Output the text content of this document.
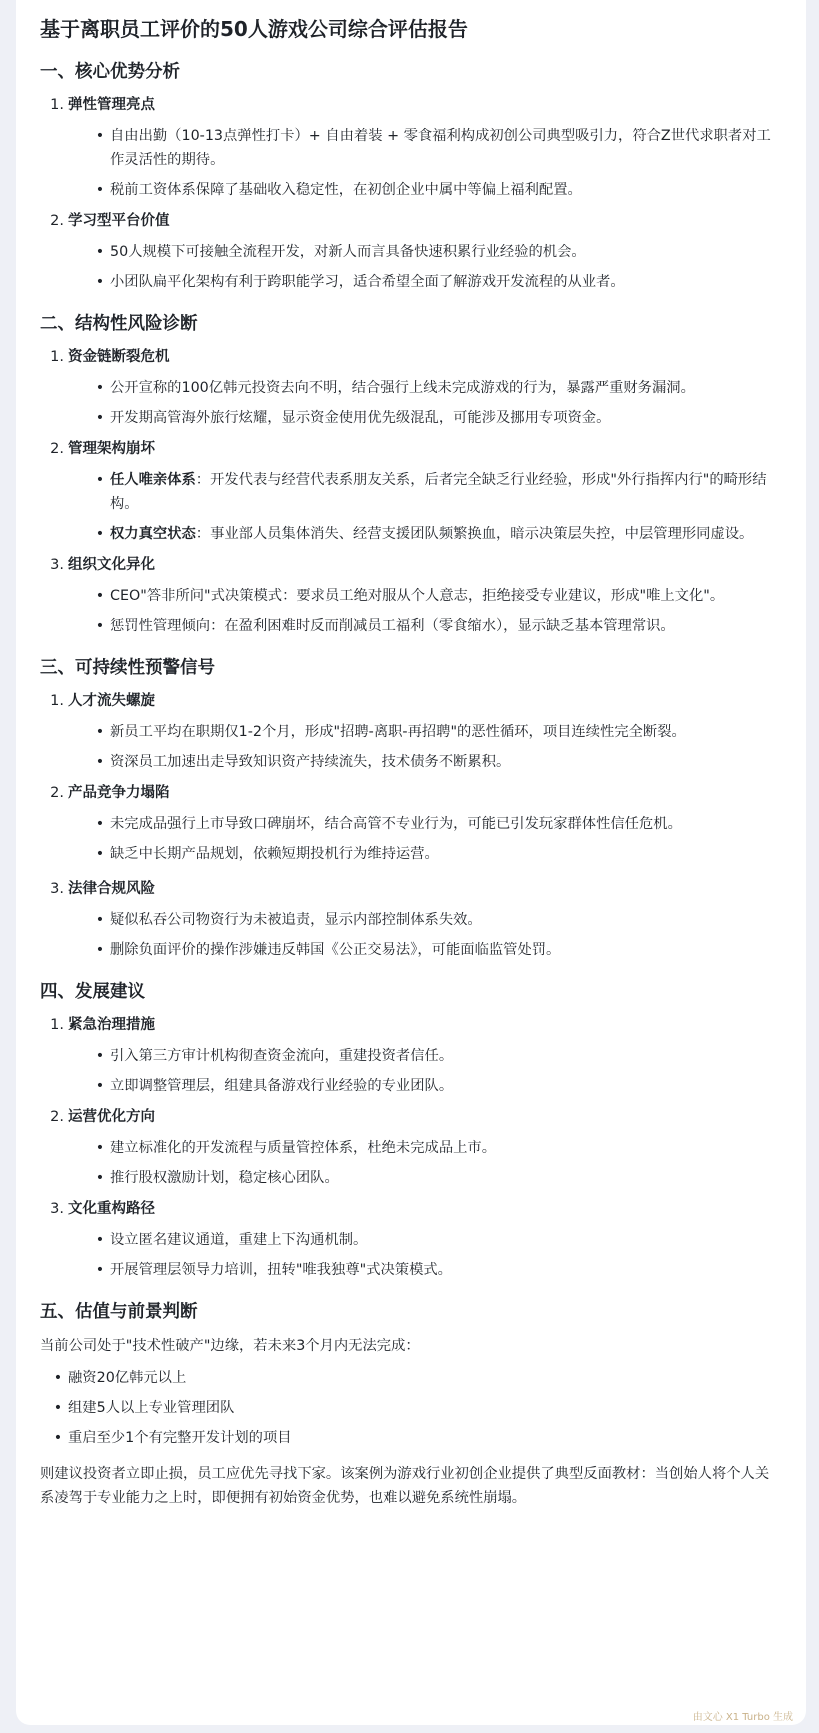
基于离职员工评价的50人游戏公司综合评估报告
一、核心优势分析
1. 弹性管理亮点
• 自由出勤（10-13点弹性打卡）+ 自由着装 + 零食福利构成初创公司典型吸引力，符合Z世代求职者对工作灵活性的期待。
• 税前工资体系保障了基础收入稳定性，在初创企业中属中等偏上福利配置。
2. 学习型平台价值
• 50人规模下可接触全流程开发，对新人而言具备快速积累行业经验的机会。
• 小团队扁平化架构有利于跨职能学习，适合希望全面了解游戏开发流程的从业者。
二、结构性风险诊断
1. 资金链断裂危机
• 公开宣称的100亿韩元投资去向不明，结合强行上线未完成游戏的行为，暴露严重财务漏洞。
• 开发期高管海外旅行炫耀，显示资金使用优先级混乱，可能涉及挪用专项资金。
2. 管理架构崩坏
• 任人唯亲体系：开发代表与经营代表系朋友关系，后者完全缺乏行业经验，形成"外行指挥内行"的畸形结构。
• 权力真空状态：事业部人员集体消失、经营支援团队频繁换血，暗示决策层失控，中层管理形同虚设。
3. 组织文化异化
• CEO"答非所问"式决策模式：要求员工绝对服从个人意志，拒绝接受专业建议，形成"唯上文化"。
• 惩罚性管理倾向：在盈利困难时反而削减员工福利（零食缩水），显示缺乏基本管理常识。
三、可持续性预警信号
1. 人才流失螺旋
• 新员工平均在职期仅1-2个月，形成"招聘-离职-再招聘"的恶性循环，项目连续性完全断裂。
• 资深员工加速出走导致知识资产持续流失，技术债务不断累积。
2. 产品竞争力塌陷
• 未完成品强行上市导致口碑崩坏，结合高管不专业行为，可能已引发玩家群体性信任危机。
• 缺乏中长期产品规划，依赖短期投机行为维持运营。
3. 法律合规风险
• 疑似私吞公司物资行为未被追责，显示内部控制体系失效。
• 删除负面评价的操作涉嫌违反韩国《公正交易法》，可能面临监管处罚。
四、发展建议
1. 紧急治理措施
• 引入第三方审计机构彻查资金流向，重建投资者信任。
• 立即调整管理层，组建具备游戏行业经验的专业团队。
2. 运营优化方向
• 建立标准化的开发流程与质量管控体系，杜绝未完成品上市。
• 推行股权激励计划，稳定核心团队。
3. 文化重构路径
• 设立匿名建议通道，重建上下沟通机制。
• 开展管理层领导力培训，扭转"唯我独尊"式决策模式。
五、估值与前景判断

当前公司处于"技术性破产"边缘，若未来3个月内无法完成：

• 融资20亿韩元以上
• 组建5人以上专业管理团队
• 重启至少1个有完整开发计划的项目

则建议投资者立即止损，员工应优先寻找下家。该案例为游戏行业初创企业提供了典型反面教材：当创始人将个人关系凌驾于专业能力之上时，即便拥有初始资金优势，也难以避免系统性崩塌。

由文心 X1 Turbo 生成
